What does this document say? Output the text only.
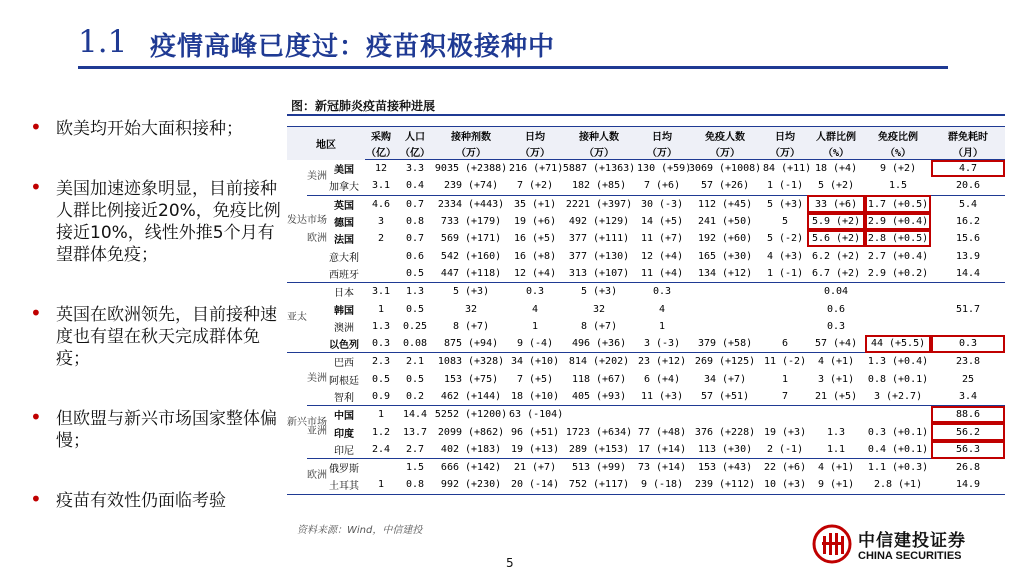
1.1 疫情高峰已度过：疫苗积极接种中
• 欧美均开始大面积接种；
• 美国加速迹象明显，目前接种人群比例接近20%，免疫比例接近10%，线性外推5个月有望群体免疫；
• 英国在欧洲领先，目前接种速度也有望在秋天完成群体免疫；
• 但欧盟与新兴市场国家整体偏慢；
• 疫苗有效性仍面临考验
图：新冠肺炎疫苗接种进展
地区			采购	人口	接种剂数	日均	接种人数	日均	免疫人数	日均	人群比例	免疫比例	群免耗时
			（亿）	（亿）	（万）	（万）	（万）	（万）	（万）	（万）	（%）	（%）	（月）
发达市场	美洲	美国	12	3.3	9035 (+2388)	216 (+71)	5887 (+1363)	130 (+59)	3069 (+1008)	84 (+11)	18 (+4)	9 (+2)	4.7
		加拿大	3.1	0.4	239 (+74)	7 (+2)	182 (+85)	7 (+6)	57 (+26)	1 (-1)	5 (+2)	1.5	20.6
	欧洲	英国	4.6	0.7	2334 (+443)	35 (+1)	2221 (+397)	30 (-3)	112 (+45)	5 (+3)	33 (+6)	1.7 (+0.5)	5.4
		德国	3	0.8	733 (+179)	19 (+6)	492 (+129)	14 (+5)	241 (+50)	5	5.9 (+2)	2.9 (+0.4)	16.2
		法国	2	0.7	569 (+171)	16 (+5)	377 (+111)	11 (+7)	192 (+60)	5 (-2)	5.6 (+2)	2.8 (+0.5)	15.6
		意大利		0.6	542 (+160)	16 (+8)	377 (+130)	12 (+4)	165 (+30)	4 (+3)	6.2 (+2)	2.7 (+0.4)	13.9
		西班牙		0.5	447 (+118)	12 (+4)	313 (+107)	11 (+4)	134 (+12)	1 (-1)	6.7 (+2)	2.9 (+0.2)	14.4
亚太		日本	3.1	1.3	5 (+3)	0.3	5 (+3)	0.3			0.04		
		韩国	1	0.5	32	4	32	4			0.6		51.7
		澳洲	1.3	0.25	8 (+7)	1	8 (+7)	1			0.3		
		以色列	0.3	0.08	875 (+94)	9 (-4)	496 (+36)	3 (-3)	379 (+58)	6	57 (+4)	44 (+5.5)	0.3
新兴市场	美洲	巴西	2.3	2.1	1083 (+328)	34 (+10)	814 (+202)	23 (+12)	269 (+125)	11 (-2)	4 (+1)	1.3 (+0.4)	23.8
		阿根廷	0.5	0.5	153 (+75)	7 (+5)	118 (+67)	6 (+4)	34 (+7)	1	3 (+1)	0.8 (+0.1)	25
		智利	0.9	0.2	462 (+144)	18 (+10)	405 (+93)	11 (+3)	57 (+51)	7	21 (+5)	3 (+2.7)	3.4
	亚洲	中国	1	14.4	5252 (+1200)	63 (-104)							88.6
		印度	1.2	13.7	2099 (+862)	96 (+51)	1723 (+634)	77 (+48)	376 (+228)	19 (+3)	1.3	0.3 (+0.1)	56.2
		印尼	2.4	2.7	402 (+183)	19 (+13)	289 (+153)	17 (+14)	113 (+30)	2 (-1)	1.1	0.4 (+0.1)	56.3
	欧洲	俄罗斯		1.5	666 (+142)	21 (+7)	513 (+99)	73 (+14)	153 (+43)	22 (+6)	4 (+1)	1.1 (+0.3)	26.8
		土耳其	1	0.8	992 (+230)	20 (-14)	752 (+117)	9 (-18)	239 (+112)	10 (+3)	9 (+1)	2.8 (+1)	14.9
资料来源：Wind，中信建投
5
中信建投证券
CHINA SECURITIES
